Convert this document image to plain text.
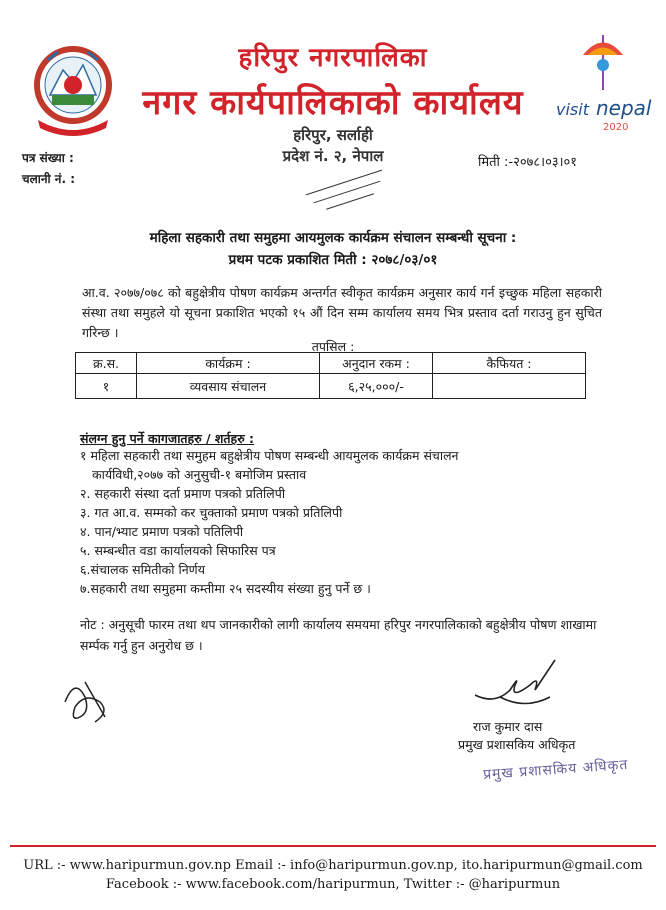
हरिपुर नगरपालिका
नगर कार्यपालिकाको कार्यालय
हरिपुर, सर्लाही
प्रदेश नं. २, नेपाल
visit nepal
2020
पत्र संख्या :
चलानी नं. :
मिती :-२०७८।०३।०१
महिला सहकारी तथा समुहमा आयमुलक कार्यक्रम संचालन सम्बन्धी सूचना :
प्रथम पटक प्रकाशित मिती : २०७८/०३/०१
आ.व. २०७७/०७८ को बहुक्षेत्रीय पोषण कार्यक्रम अन्तर्गत स्वीकृत कार्यक्रम अनुसार कार्य गर्न इच्छुक महिला सहकारी संस्था तथा समुहले यो सूचना प्रकाशित भएको १५ औं दिन सम्म कार्यालय समय भित्र प्रस्ताव दर्ता गराउनु हुन सुचित गरिन्छ ।
तपसिल :
क्र.स.	कार्यक्रम :	अनुदान रकम :	कैफियत :
१	व्यवसाय संचालन	६,२५,०००/-	
संलग्न हुनु पर्ने कागजातहरु / शर्तहरु :
१ महिला सहकारी तथा समुहम बहुक्षेत्रीय पोषण सम्बन्धी आयमुलक कार्यक्रम संचालन
कार्यविधी,२०७७ को अनुसुची-१ बमोजिम प्रस्ताव
२. सहकारी संस्था दर्ता प्रमाण पत्रको प्रतिलिपी
३. गत आ.व. सम्मको कर चुक्ताको प्रमाण पत्रको प्रतिलिपी
४. पान/भ्याट प्रमाण पत्रको पतिलिपी
५. सम्बन्धीत वडा कार्यालयको सिफारिस पत्र
६.संचालक समितीको निर्णय
७.सहकारी तथा समुहमा कम्तीमा २५ सदस्यीय संख्या हुनु पर्ने छ ।
नोट : अनुसूची फारम तथा थप जानकारीको लागी कार्यालय समयमा हरिपुर नगरपालिकाको बहुक्षेत्रीय पोषण शाखामा सर्म्पक गर्नु हुन अनुरोध छ ।
राज कुमार दास
प्रमुख प्रशासकिय अधिकृत
प्रमुख प्रशासकिय अधिकृत
URL :- www.haripurmun.gov.np Email :- info@haripurmun.gov.np, ito.haripurmun@gmail.com
Facebook :- www.facebook.com/haripurmun, Twitter :- @haripurmun
